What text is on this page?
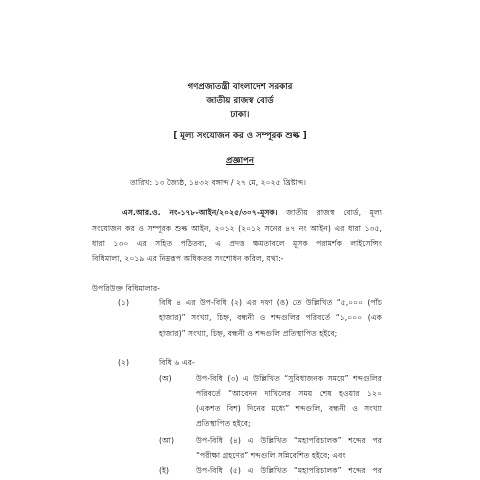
গণপ্রজাতন্ত্রী বাংলাদেশ সরকার
জাতীয় রাজস্ব বোর্ড
ঢাকা।
[ মূল্য সংযোজন কর ও সম্পূরক শুল্ক ]
প্রজ্ঞাপন
তারিখ: ১৩ জ্যৈষ্ঠ, ১৪৩২ বঙ্গাব্দ / ২৭ মে, ২০২৫ খ্রিষ্টাব্দ।
এস.আর.ও. নং-১৭৮-আইন/২০২৫/৩০৭-মূসক। জাতীয় রাজস্ব বোর্ড, মূল্য
সংযোজন কর ও সম্পূরক শুল্ক আইন, ২০১২ (২০১২ সনের ৪৭ নং আইন) এর ধারা ১৩৫,
ধারা ১৩০ এর সহিত পঠিতব্য, এ প্রদত্ত ক্ষমতাবলে মূসক পরামর্শক লাইসেন্সিং
বিধিমালা, ২০১৯ এর নিম্নরূপ অধিকতর সংশোধন করিল, যথা:-
উপরিউক্ত বিধিমালার-
(১)	বিধি ৪ এর উপ-বিধি (২) এর দফা (ঙ) তে উল্লিখিত “৫,০০০ (পাঁচ
হাজার)” সংখ্যা, চিহ্ন, বন্ধনী ও শব্দগুলির পরিবর্তে “১,০০০ (এক
হাজার)” সংখ্যা, চিহ্ন, বন্ধনী ও শব্দগুলি প্রতিস্থাপিত হইবে;
(২)	বিধি ৬ এর-
(অ)	উপ-বিধি (৩) এ উল্লিখিত “সুবিধাজনক সময়ে” শব্দগুলির
পরিবর্তে “আবেদন দাখিলের সময় শেষ হওয়ার ১২০
(একশত বিশ) দিনের মধ্যে” শব্দগুলি, বন্ধনী ও সংখ্যা
প্রতিস্থাপিত হইবে;
(আ)	উপ-বিধি (৪) এ উল্লিখিত “মহাপরিচালক” শব্দের পর
“পরীক্ষা গ্রহণের” শব্দগুলি সন্নিবেশিত হইবে; এবং
(ই)	উপ-বিধি (৫) এ উল্লিখিত “মহাপরিচালক” শব্দের পর
